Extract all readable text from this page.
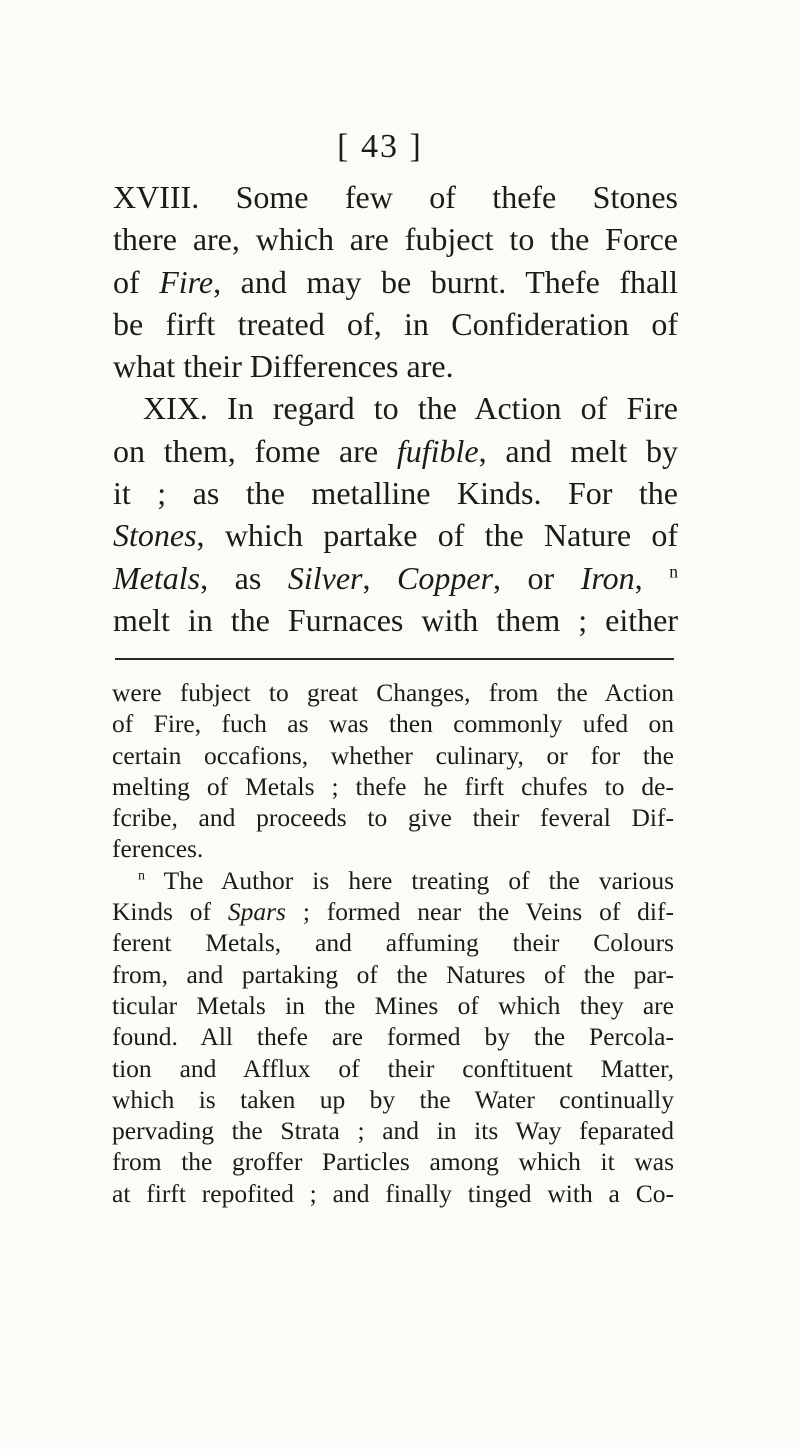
[ 43 ]

XVIII. Some few of thefe Stones
there are, which are fubject to the Force
of Fire, and may be burnt. Thefe fhall
be firft treated of, in Confideration of
what their Differences are.

XIX. In regard to the Action of Fire
on them, fome are fufible, and melt by
it ; as the metalline Kinds. For the
Stones, which partake of the Nature of
Metals, as Silver, Copper, or Iron, $^n$
melt in the Furnaces with them ; either

were fubject to great Changes, from the Action
of Fire, fuch as was then commonly ufed on
certain occafions, whether culinary, or for the
melting of Metals ; thefe he firft chufes to de-
fcribe, and proceeds to give their feveral Dif-
ferences.

$^n$ The Author is here treating of the various
Kinds of Spars ; formed near the Veins of dif-
ferent Metals, and affuming their Colours
from, and partaking of the Natures of the par-
ticular Metals in the Mines of which they are
found. All thefe are formed by the Percola-
tion and Afflux of their conftituent Matter,
which is taken up by the Water continually
pervading the Strata ; and in its Way feparated
from the groffer Particles among which it was
at firft repofited ; and finally tinged with a Co-
